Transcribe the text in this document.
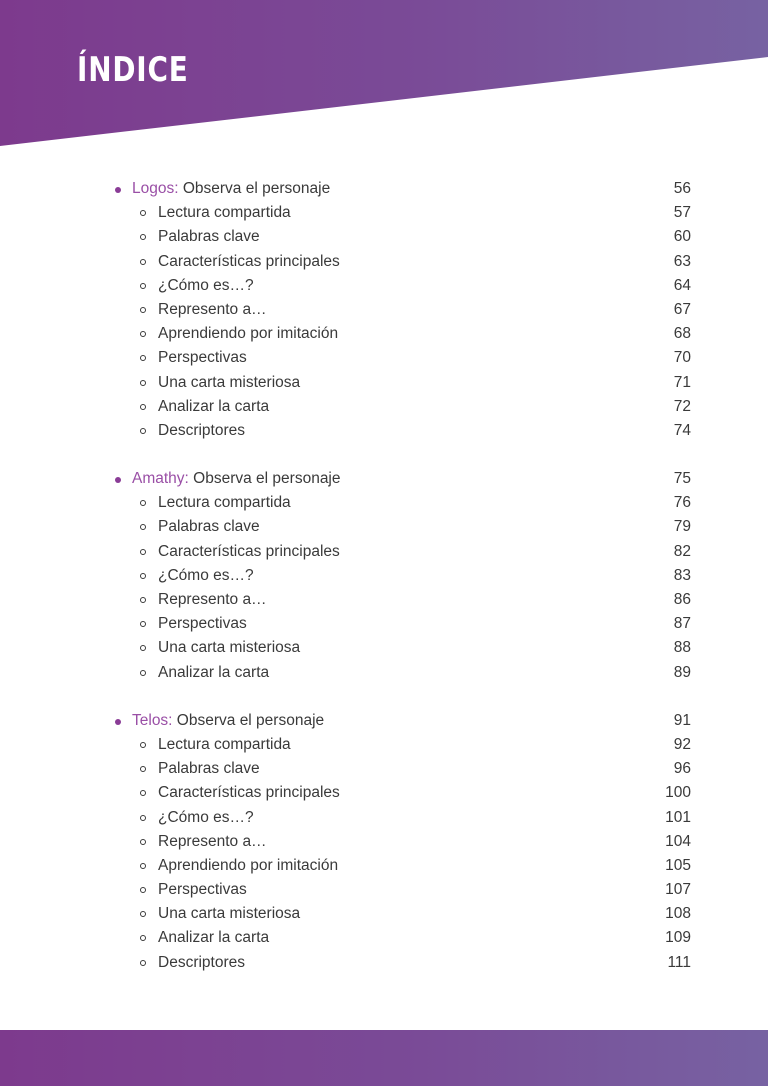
ÍNDICE
Logos: Observa el personaje	56
Lectura compartida	57
Palabras clave	60
Características principales	63
¿Cómo es…?	64
Represento a…	67
Aprendiendo por imitación	68
Perspectivas	70
Una carta misteriosa	71
Analizar la carta	72
Descriptores	74
Amathy: Observa el personaje	75
Lectura compartida	76
Palabras clave	79
Características principales	82
¿Cómo es…?	83
Represento a…	86
Perspectivas	87
Una carta misteriosa	88
Analizar la carta	89
Telos: Observa el personaje	91
Lectura compartida	92
Palabras clave	96
Características principales	100
¿Cómo es…?	101
Represento a…	104
Aprendiendo por imitación	105
Perspectivas	107
Una carta misteriosa	108
Analizar la carta	109
Descriptores	111
